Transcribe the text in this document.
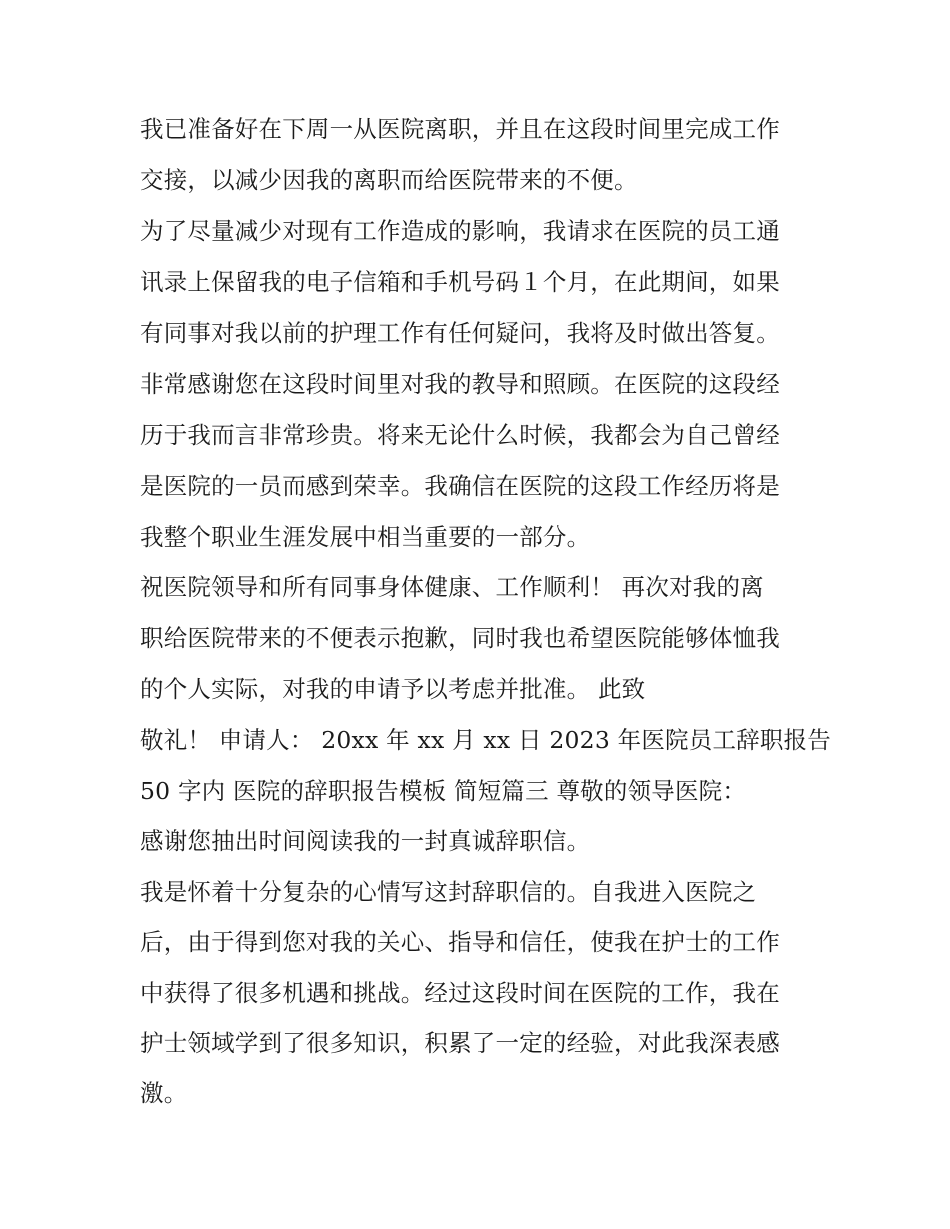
我已准备好在下周一从医院离职，并且在这段时间里完成工作
交接，以减少因我的离职而给医院带来的不便。
为了尽量减少对现有工作造成的影响，我请求在医院的员工通
讯录上保留我的电子信箱和手机号码１个月，在此期间，如果
有同事对我以前的护理工作有任何疑问，我将及时做出答复。
非常感谢您在这段时间里对我的教导和照顾。在医院的这段经
历于我而言非常珍贵。将来无论什么时候，我都会为自己曾经
是医院的一员而感到荣幸。我确信在医院的这段工作经历将是
我整个职业生涯发展中相当重要的一部分。
祝医院领导和所有同事身体健康、工作顺利！ 再次对我的离
职给医院带来的不便表示抱歉，同时我也希望医院能够体恤我
的个人实际，对我的申请予以考虑并批准。 此致
敬礼！ 申请人： 20xx 年 xx 月 xx 日 2023 年医院员工辞职报告
50 字内 医院的辞职报告模板 简短篇三 尊敬的领导医院：
感谢您抽出时间阅读我的一封真诚辞职信。
我是怀着十分复杂的心情写这封辞职信的。自我进入医院之
后，由于得到您对我的关心、指导和信任，使我在护士的工作
中获得了很多机遇和挑战。经过这段时间在医院的工作，我在
护士领域学到了很多知识，积累了一定的经验，对此我深表感
激。
